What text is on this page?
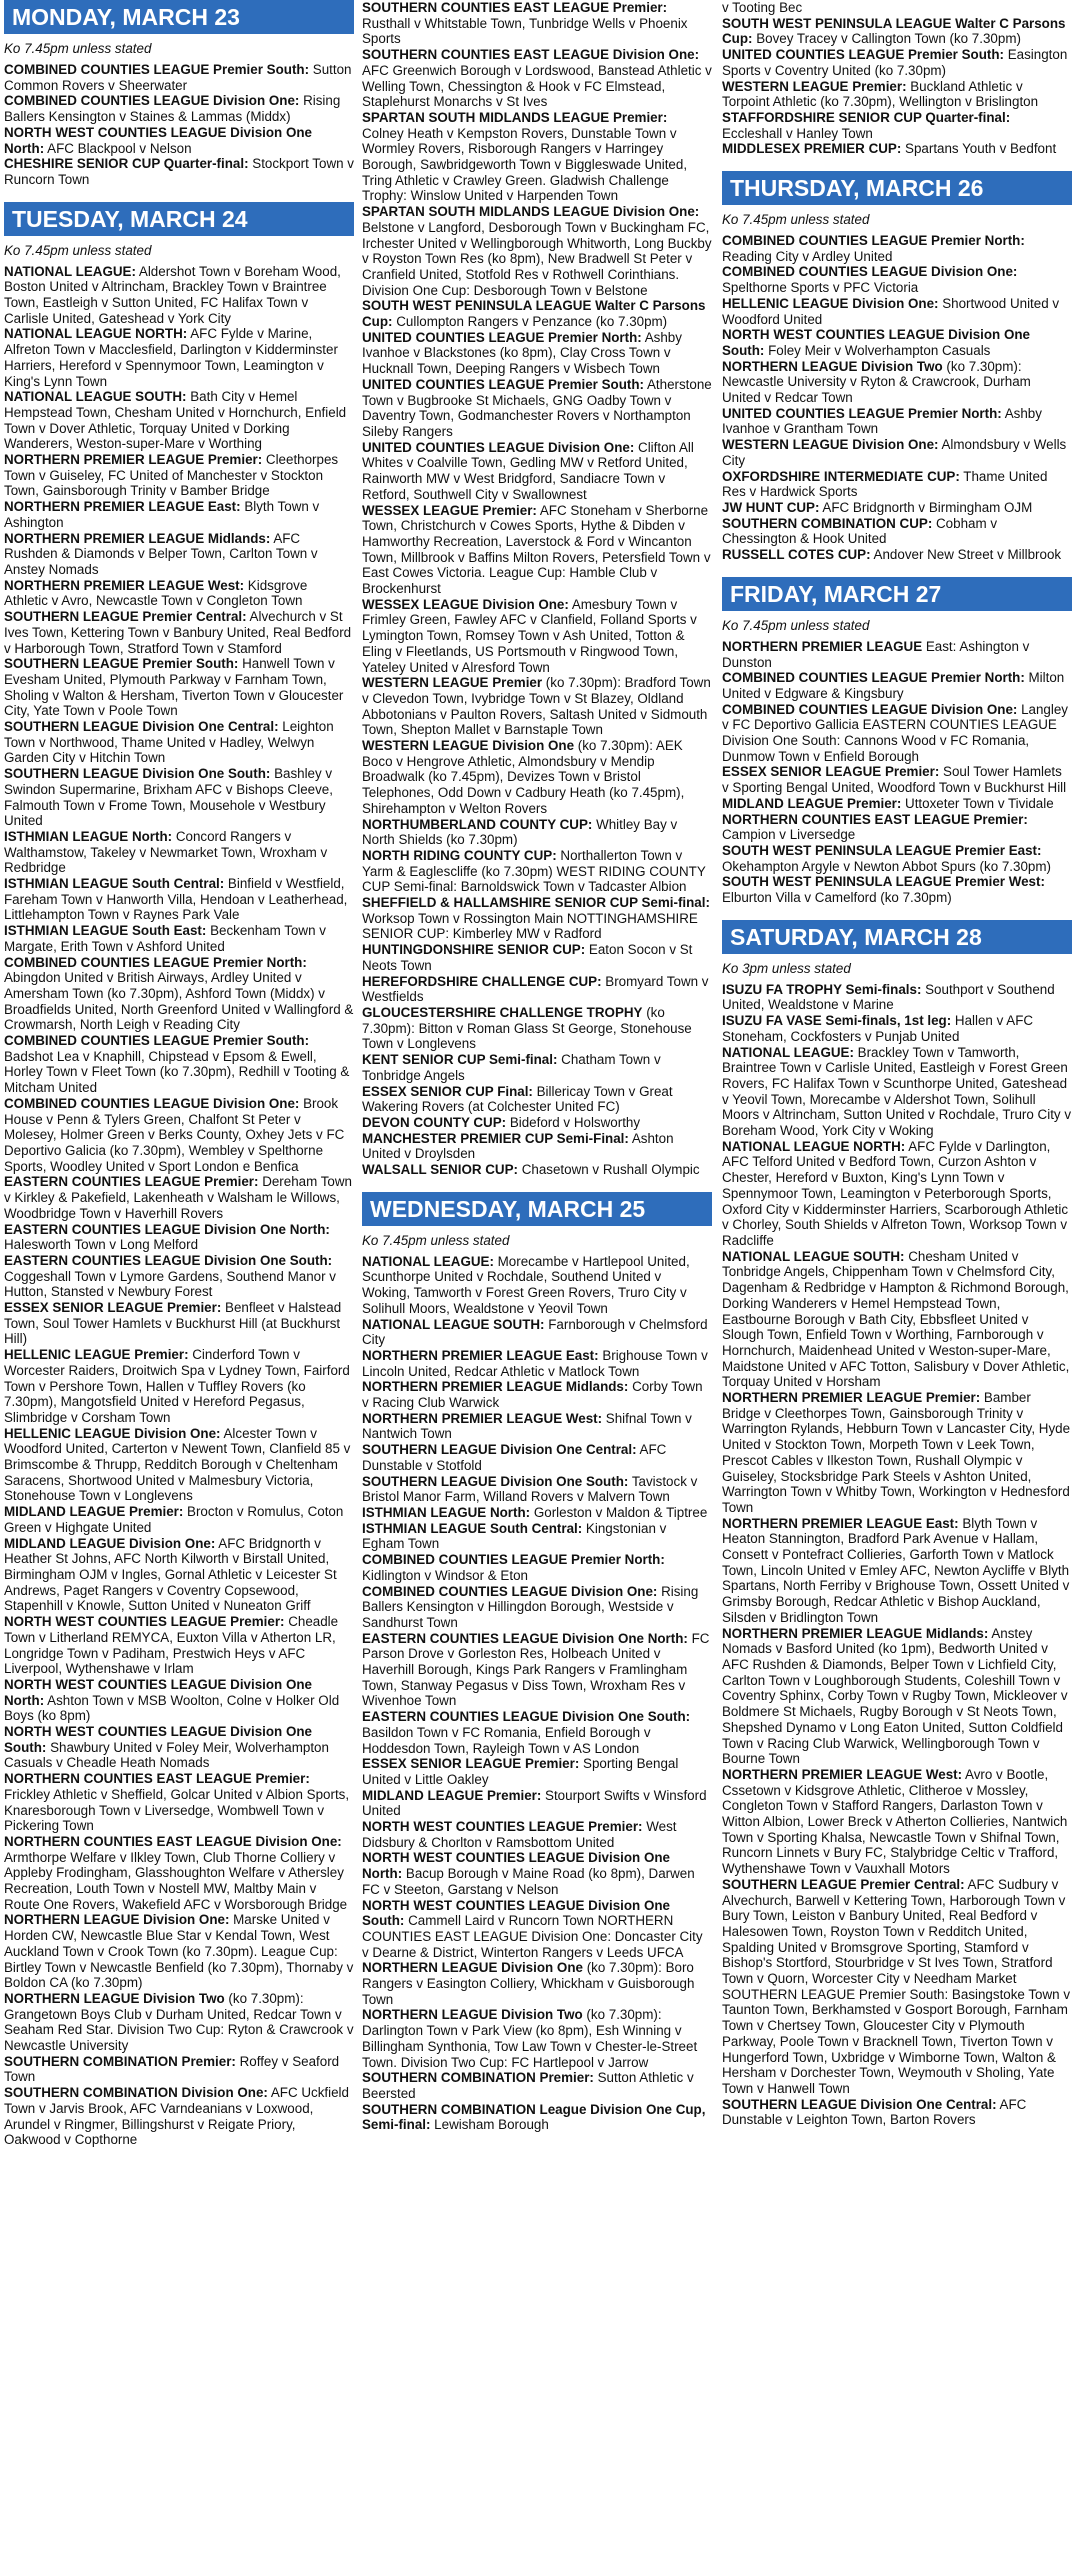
MONDAY, MARCH 23
Ko 7.45pm unless stated

COMBINED COUNTIES LEAGUE Premier South: Sutton Common Rovers v Sheerwater

COMBINED COUNTIES LEAGUE Division One: Rising Ballers Kensington v Staines & Lammas (Middx)

NORTH WEST COUNTIES LEAGUE Division One North: AFC Blackpool v Nelson

CHESHIRE SENIOR CUP Quarter-final: Stockport Town v Runcorn Town

TUESDAY, MARCH 24
Ko 7.45pm unless stated

NATIONAL LEAGUE: Aldershot Town v Boreham Wood, Boston United v Altrincham, Brackley Town v Braintree Town, Eastleigh v Sutton United, FC Halifax Town v Carlisle United, Gateshead v York City

NATIONAL LEAGUE NORTH: AFC Fylde v Marine, Alfreton Town v Macclesfield, Darlington v Kidderminster Harriers, Hereford v Spennymoor Town, Leamington v King's Lynn Town

NATIONAL LEAGUE SOUTH: Bath City v Hemel Hempstead Town, Chesham United v Hornchurch, Enfield Town v Dover Athletic, Torquay United v Dorking Wanderers, Weston-super-Mare v Worthing

NORTHERN PREMIER LEAGUE Premier: Cleethorpes Town v Guiseley, FC United of Manchester v Stockton Town, Gainsborough Trinity v Bamber Bridge

NORTHERN PREMIER LEAGUE East: Blyth Town v Ashington

NORTHERN PREMIER LEAGUE Midlands: AFC Rushden & Diamonds v Belper Town, Carlton Town v Anstey Nomads

NORTHERN PREMIER LEAGUE West: Kidsgrove Athletic v Avro, Newcastle Town v Congleton Town

SOUTHERN LEAGUE Premier Central: Alvechurch v St Ives Town, Kettering Town v Banbury United, Real Bedford v Harborough Town, Stratford Town v Stamford

SOUTHERN LEAGUE Premier South: Hanwell Town v Evesham United, Plymouth Parkway v Farnham Town, Sholing v Walton & Hersham, Tiverton Town v Gloucester City, Yate Town v Poole Town

SOUTHERN LEAGUE Division One Central: Leighton Town v Northwood, Thame United v Hadley, Welwyn Garden City v Hitchin Town

SOUTHERN LEAGUE Division One South: Bashley v Swindon Supermarine, Brixham AFC v Bishops Cleeve, Falmouth Town v Frome Town, Mousehole v Westbury United

ISTHMIAN LEAGUE North: Concord Rangers v Walthamstow, Takeley v Newmarket Town, Wroxham v Redbridge

ISTHMIAN LEAGUE South Central: Binfield v Westfield, Fareham Town v Hanworth Villa, Hendoan v Leatherhead, Littlehampton Town v Raynes Park Vale

ISTHMIAN LEAGUE South East: Beckenham Town v Margate, Erith Town v Ashford United

COMBINED COUNTIES LEAGUE Premier North: Abingdon United v British Airways, Ardley United v Amersham Town (ko 7.30pm), Ashford Town (Middx) v Broadfields United, North Greenford United v Wallingford & Crowmarsh, North Leigh v Reading City

COMBINED COUNTIES LEAGUE Premier South: Badshot Lea v Knaphill, Chipstead v Epsom & Ewell, Horley Town v Fleet Town (ko 7.30pm), Redhill v Tooting & Mitcham United

COMBINED COUNTIES LEAGUE Division One: Brook House v Penn & Tylers Green, Chalfont St Peter v Molesey, Holmer Green v Berks County, Oxhey Jets v FC Deportivo Galicia (ko 7.30pm), Wembley v Spelthorne Sports, Woodley United v Sport London e Benfica

EASTERN COUNTIES LEAGUE Premier: Dereham Town v Kirkley & Pakefield, Lakenheath v Walsham le Willows, Woodbridge Town v Haverhill Rovers

EASTERN COUNTIES LEAGUE Division One North: Halesworth Town v Long Melford

EASTERN COUNTIES LEAGUE Division One South: Coggeshall Town v Lymore Gardens, Southend Manor v Hutton, Stansted v Newbury Forest

ESSEX SENIOR LEAGUE Premier: Benfleet v Halstead Town, Soul Tower Hamlets v Buckhurst Hill (at Buckhurst Hill)

HELLENIC LEAGUE Premier: Cinderford Town v Worcester Raiders, Droitwich Spa v Lydney Town, Fairford Town v Pershore Town, Hallen v Tuffley Rovers (ko 7.30pm), Mangotsfield United v Hereford Pegasus, Slimbridge v Corsham Town

HELLENIC LEAGUE Division One: Alcester Town v Woodford United, Carterton v Newent Town, Clanfield 85 v Brimscombe & Thrupp, Redditch Borough v Cheltenham Saracens, Shortwood United v Malmesbury Victoria, Stonehouse Town v Longlevens

MIDLAND LEAGUE Premier: Brocton v Romulus, Coton Green v Highgate United

MIDLAND LEAGUE Division One: AFC Bridgnorth v Heather St Johns, AFC North Kilworth v Birstall United, Birmingham OJM v Ingles, Gornal Athletic v Leicester St Andrews, Paget Rangers v Coventry Copsewood, Stapenhill v Knowle, Sutton United v Nuneaton Griff

NORTH WEST COUNTIES LEAGUE Premier: Cheadle Town v Litherland REMYCA, Euxton Villa v Atherton LR, Longridge Town v Padiham, Prestwich Heys v AFC Liverpool, Wythenshawe v Irlam

NORTH WEST COUNTIES LEAGUE Division One North: Ashton Town v MSB Woolton, Colne v Holker Old Boys (ko 8pm)

NORTH WEST COUNTIES LEAGUE Division One South: Shawbury United v Foley Meir, Wolverhampton Casuals v Cheadle Heath Nomads

NORTHERN COUNTIES EAST LEAGUE Premier: Frickley Athletic v Sheffield, Golcar United v Albion Sports, Knaresborough Town v Liversedge, Wombwell Town v Pickering Town

NORTHERN COUNTIES EAST LEAGUE Division One: Armthorpe Welfare v Ilkley Town, Club Thorne Colliery v Appleby Frodingham, Glasshoughton Welfare v Athersley Recreation, Louth Town v Nostell MW, Maltby Main v Route One Rovers, Wakefield AFC v Worsborough Bridge

NORTHERN LEAGUE Division One: Marske United v Horden CW, Newcastle Blue Star v Kendal Town, West Auckland Town v Crook Town (ko 7.30pm). League Cup: Birtley Town v Newcastle Benfield (ko 7.30pm), Thornaby v Boldon CA (ko 7.30pm)

NORTHERN LEAGUE Division Two (ko 7.30pm): Grangetown Boys Club v Durham United, Redcar Town v Seaham Red Star. Division Two Cup: Ryton & Crawcrook v Newcastle University

SOUTHERN COMBINATION Premier: Roffey v Seaford Town

SOUTHERN COMBINATION Division One: AFC Uckfield Town v Jarvis Brook, AFC Varndeanians v Loxwood, Arundel v Ringmer, Billingshurst v Reigate Priory, Oakwood v Copthorne

SOUTHERN COUNTIES EAST LEAGUE Premier: Rusthall v Whitstable Town, Tunbridge Wells v Phoenix Sports

SOUTHERN COUNTIES EAST LEAGUE Division One: AFC Greenwich Borough v Lordswood, Banstead Athletic v Welling Town, Chessington & Hook v FC Elmstead, Staplehurst Monarchs v St Ives

SPARTAN SOUTH MIDLANDS LEAGUE Premier: Colney Heath v Kempston Rovers, Dunstable Town v Wormley Rovers, Risborough Rangers v Harringey Borough, Sawbridgeworth Town v Biggleswade United, Tring Athletic v Crawley Green. Gladwish Challenge Trophy: Winslow United v Harpenden Town

SPARTAN SOUTH MIDLANDS LEAGUE Division One: Belstone v Langford, Desborough Town v Buckingham FC, Irchester United v Wellingborough Whitworth, Long Buckby v Royston Town Res (ko 8pm), New Bradwell St Peter v Cranfield United, Stotfold Res v Rothwell Corinthians. Division One Cup: Desborough Town v Belstone

SOUTH WEST PENINSULA LEAGUE Walter C Parsons Cup: Cullompton Rangers v Penzance (ko 7.30pm)

UNITED COUNTIES LEAGUE Premier North: Ashby Ivanhoe v Blackstones (ko 8pm), Clay Cross Town v Hucknall Town, Deeping Rangers v Wisbech Town

UNITED COUNTIES LEAGUE Premier South: Atherstone Town v Bugbrooke St Michaels, GNG Oadby Town v Daventry Town, Godmanchester Rovers v Northampton Sileby Rangers

UNITED COUNTIES LEAGUE Division One: Clifton All Whites v Coalville Town, Gedling MW v Retford United, Rainworth MW v West Bridgford, Sandiacre Town v Retford, Southwell City v Swallownest

WESSEX LEAGUE Premier: AFC Stoneham v Sherborne Town, Christchurch v Cowes Sports, Hythe & Dibden v Hamworthy Recreation, Laverstock & Ford v Wincanton Town, Millbrook v Baffins Milton Rovers, Petersfield Town v East Cowes Victoria. League Cup: Hamble Club v Brockenhurst

WESSEX LEAGUE Division One: Amesbury Town v Frimley Green, Fawley AFC v Clanfield, Folland Sports v Lymington Town, Romsey Town v Ash United, Totton & Eling v Fleetlands, US Portsmouth v Ringwood Town, Yateley United v Alresford Town

WESTERN LEAGUE Premier (ko 7.30pm): Bradford Town v Clevedon Town, Ivybridge Town v St Blazey, Oldland Abbotonians v Paulton Rovers, Saltash United v Sidmouth Town, Shepton Mallet v Barnstaple Town

WESTERN LEAGUE Division One (ko 7.30pm): AEK Boco v Hengrove Athletic, Almondsbury v Mendip Broadwalk (ko 7.45pm), Devizes Town v Bristol Telephones, Odd Down v Cadbury Heath (ko 7.45pm), Shirehampton v Welton Rovers

NORTHUMBERLAND COUNTY CUP: Whitley Bay v North Shields (ko 7.30pm)

NORTH RIDING COUNTY CUP: Northallerton Town v Yarm & Eaglescliffe (ko 7.30pm) WEST RIDING COUNTY CUP Semi-final: Barnoldswick Town v Tadcaster Albion

SHEFFIELD & HALLAMSHIRE SENIOR CUP Semi-final: Worksop Town v Rossington Main NOTTINGHAMSHIRE SENIOR CUP: Kimberley MW v Radford

HUNTINGDONSHIRE SENIOR CUP: Eaton Socon v St Neots Town

HEREFORDSHIRE CHALLENGE CUP: Bromyard Town v Westfields

GLOUCESTERSHIRE CHALLENGE TROPHY (ko 7.30pm): Bitton v Roman Glass St George, Stonehouse Town v Longlevens

KENT SENIOR CUP Semi-final: Chatham Town v Tonbridge Angels

ESSEX SENIOR CUP Final: Billericay Town v Great Wakering Rovers (at Colchester United FC)

DEVON COUNTY CUP: Bideford v Holsworthy

MANCHESTER PREMIER CUP Semi-Final: Ashton United v Droylsden

WALSALL SENIOR CUP: Chasetown v Rushall Olympic

WEDNESDAY, MARCH 25
Ko 7.45pm unless stated

NATIONAL LEAGUE: Morecambe v Hartlepool United, Scunthorpe United v Rochdale, Southend United v Woking, Tamworth v Forest Green Rovers, Truro City v Solihull Moors, Wealdstone v Yeovil Town

NATIONAL LEAGUE SOUTH: Farnborough v Chelmsford City

NORTHERN PREMIER LEAGUE East: Brighouse Town v Lincoln United, Redcar Athletic v Matlock Town

NORTHERN PREMIER LEAGUE Midlands: Corby Town v Racing Club Warwick

NORTHERN PREMIER LEAGUE West: Shifnal Town v Nantwich Town

SOUTHERN LEAGUE Division One Central: AFC Dunstable v Stotfold

SOUTHERN LEAGUE Division One South: Tavistock v Bristol Manor Farm, Willand Rovers v Malvern Town

ISTHMIAN LEAGUE North: Gorleston v Maldon & Tiptree

ISTHMIAN LEAGUE South Central: Kingstonian v Egham Town

COMBINED COUNTIES LEAGUE Premier North: Kidlington v Windsor & Eton

COMBINED COUNTIES LEAGUE Division One: Rising Ballers Kensington v Hillingdon Borough, Westside v Sandhurst Town

EASTERN COUNTIES LEAGUE Division One North: FC Parson Drove v Gorleston Res, Holbeach United v Haverhill Borough, Kings Park Rangers v Framlingham Town, Stanway Pegasus v Diss Town, Wroxham Res v Wivenhoe Town

EASTERN COUNTIES LEAGUE Division One South: Basildon Town v FC Romania, Enfield Borough v Hoddesdon Town, Rayleigh Town v AS London

ESSEX SENIOR LEAGUE Premier: Sporting Bengal United v Little Oakley

MIDLAND LEAGUE Premier: Stourport Swifts v Winsford United

NORTH WEST COUNTIES LEAGUE Premier: West Didsbury & Chorlton v Ramsbottom United

NORTH WEST COUNTIES LEAGUE Division One North: Bacup Borough v Maine Road (ko 8pm), Darwen FC v Steeton, Garstang v Nelson

NORTH WEST COUNTIES LEAGUE Division One South: Cammell Laird v Runcorn Town NORTHERN COUNTIES EAST LEAGUE Division One: Doncaster City v Dearne & District, Winterton Rangers v Leeds UFCA

NORTHERN LEAGUE Division One (ko 7.30pm): Boro Rangers v Easington Colliery, Whickham v Guisborough Town

NORTHERN LEAGUE Division Two (ko 7.30pm): Darlington Town v Park View (ko 8pm), Esh Winning v Billingham Synthonia, Tow Law Town v Chester-le-Street Town. Division Two Cup: FC Hartlepool v Jarrow

SOUTHERN COMBINATION Premier: Sutton Athletic v Beersted

SOUTHERN COMBINATION League Division One Cup, Semi-final: Lewisham Borough

v Tooting Bec

SOUTH WEST PENINSULA LEAGUE Walter C Parsons Cup: Bovey Tracey v Callington Town (ko 7.30pm)

UNITED COUNTIES LEAGUE Premier South: Easington Sports v Coventry United (ko 7.30pm)

WESTERN LEAGUE Premier: Buckland Athletic v Torpoint Athletic (ko 7.30pm), Wellington v Brislington

STAFFORDSHIRE SENIOR CUP Quarter-final: Eccleshall v Hanley Town

MIDDLESEX PREMIER CUP: Spartans Youth v Bedfont

THURSDAY, MARCH 26
Ko 7.45pm unless stated

COMBINED COUNTIES LEAGUE Premier North: Reading City v Ardley United

COMBINED COUNTIES LEAGUE Division One: Spelthorne Sports v PFC Victoria

HELLENIC LEAGUE Division One: Shortwood United v Woodford United

NORTH WEST COUNTIES LEAGUE Division One South: Foley Meir v Wolverhampton Casuals

NORTHERN LEAGUE Division Two (ko 7.30pm): Newcastle University v Ryton & Crawcrook, Durham United v Redcar Town

UNITED COUNTIES LEAGUE Premier North: Ashby Ivanhoe v Grantham Town

WESTERN LEAGUE Division One: Almondsbury v Wells City

OXFORDSHIRE INTERMEDIATE CUP: Thame United Res v Hardwick Sports

JW HUNT CUP: AFC Bridgnorth v Birmingham OJM

SOUTHERN COMBINATION CUP: Cobham v Chessington & Hook United

RUSSELL COTES CUP: Andover New Street v Millbrook

FRIDAY, MARCH 27
Ko 7.45pm unless stated

NORTHERN PREMIER LEAGUE East: Ashington v Dunston

COMBINED COUNTIES LEAGUE Premier North: Milton United v Edgware & Kingsbury

COMBINED COUNTIES LEAGUE Division One: Langley v FC Deportivo Gallicia EASTERN COUNTIES LEAGUE Division One South: Cannons Wood v FC Romania, Dunmow Town v Enfield Borough

ESSEX SENIOR LEAGUE Premier: Soul Tower Hamlets v Sporting Bengal United, Woodford Town v Buckhurst Hill

MIDLAND LEAGUE Premier: Uttoxeter Town v Tividale

NORTHERN COUNTIES EAST LEAGUE Premier: Campion v Liversedge

SOUTH WEST PENINSULA LEAGUE Premier East: Okehampton Argyle v Newton Abbot Spurs (ko 7.30pm)

SOUTH WEST PENINSULA LEAGUE Premier West: Elburton Villa v Camelford (ko 7.30pm)

SATURDAY, MARCH 28
Ko 3pm unless stated

ISUZU FA TROPHY Semi-finals: Southport v Southend United, Wealdstone v Marine

ISUZU FA VASE Semi-finals, 1st leg: Hallen v AFC Stoneham, Cockfosters v Punjab United

NATIONAL LEAGUE: Brackley Town v Tamworth, Braintree Town v Carlisle United, Eastleigh v Forest Green Rovers, FC Halifax Town v Scunthorpe United, Gateshead v Yeovil Town, Morecambe v Aldershot Town, Solihull Moors v Altrincham, Sutton United v Rochdale, Truro City v Boreham Wood, York City v Woking

NATIONAL LEAGUE NORTH: AFC Fylde v Darlington, AFC Telford United v Bedford Town, Curzon Ashton v Chester, Hereford v Buxton, King's Lynn Town v Spennymoor Town, Leamington v Peterborough Sports, Oxford City v Kidderminster Harriers, Scarborough Athletic v Chorley, South Shields v Alfreton Town, Worksop Town v Radcliffe

NATIONAL LEAGUE SOUTH: Chesham United v Tonbridge Angels, Chippenham Town v Chelmsford City, Dagenham & Redbridge v Hampton & Richmond Borough, Dorking Wanderers v Hemel Hempstead Town, Eastbourne Borough v Bath City, Ebbsfleet United v Slough Town, Enfield Town v Worthing, Farnborough v Hornchurch, Maidenhead United v Weston-super-Mare, Maidstone United v AFC Totton, Salisbury v Dover Athletic, Torquay United v Horsham

NORTHERN PREMIER LEAGUE Premier: Bamber Bridge v Cleethorpes Town, Gainsborough Trinity v Warrington Rylands, Hebburn Town v Lancaster City, Hyde United v Stockton Town, Morpeth Town v Leek Town, Prescot Cables v Ilkeston Town, Rushall Olympic v Guiseley, Stocksbridge Park Steels v Ashton United, Warrington Town v Whitby Town, Workington v Hednesford Town

NORTHERN PREMIER LEAGUE East: Blyth Town v Heaton Stannington, Bradford Park Avenue v Hallam, Consett v Pontefract Collieries, Garforth Town v Matlock Town, Lincoln United v Emley AFC, Newton Aycliffe v Blyth Spartans, North Ferriby v Brighouse Town, Ossett United v Grimsby Borough, Redcar Athletic v Bishop Auckland, Silsden v Bridlington Town

NORTHERN PREMIER LEAGUE Midlands: Anstey Nomads v Basford United (ko 1pm), Bedworth United v AFC Rushden & Diamonds, Belper Town v Lichfield City, Carlton Town v Loughborough Students, Coleshill Town v Coventry Sphinx, Corby Town v Rugby Town, Mickleover v Boldmere St Michaels, Rugby Borough v St Neots Town, Shepshed Dynamo v Long Eaton United, Sutton Coldfield Town v Racing Club Warwick, Wellingborough Town v Bourne Town

NORTHERN PREMIER LEAGUE West: Avro v Bootle, Cssetown v Kidsgrove Athletic, Clitheroe v Mossley, Congleton Town v Stafford Rangers, Darlaston Town v Witton Albion, Lower Breck v Atherton Collieries, Nantwich Town v Sporting Khalsa, Newcastle Town v Shifnal Town, Runcorn Linnets v Bury FC, Stalybridge Celtic v Trafford, Wythenshawe Town v Vauxhall Motors

SOUTHERN LEAGUE Premier Central: AFC Sudbury v Alvechurch, Barwell v Kettering Town, Harborough Town v Bury Town, Leiston v Banbury United, Real Bedford v Halesowen Town, Royston Town v Redditch United, Spalding United v Bromsgrove Sporting, Stamford v Bishop's Stortford, Stourbridge v St Ives Town, Stratford Town v Quorn, Worcester City v Needham Market

SOUTHERN LEAGUE Premier South: Basingstoke Town v Taunton Town, Berkhamsted v Gosport Borough, Farnham Town v Chertsey Town, Gloucester City v Plymouth Parkway, Poole Town v Bracknell Town, Tiverton Town v Hungerford Town, Uxbridge v Wimborne Town, Walton & Hersham v Dorchester Town, Weymouth v Sholing, Yate Town v Hanwell Town

SOUTHERN LEAGUE Division One Central: AFC Dunstable v Leighton Town, Barton Rovers
